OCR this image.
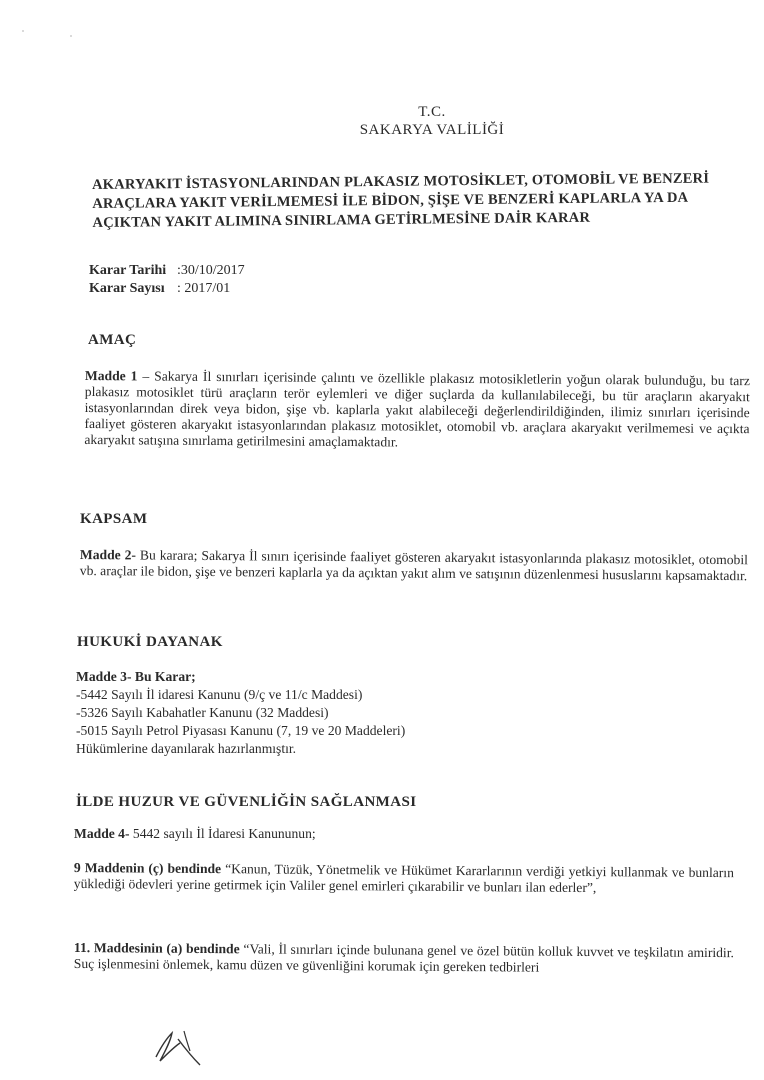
T.C.
SAKARYA VALİLİĞİ
AKARYAKIT İSTASYONLARINDAN PLAKASIZ MOTOSİKLET, OTOMOBİL VE BENZERİ
ARAÇLARA YAKIT VERİLMEMESİ İLE BİDON, ŞİŞE VE BENZERİ KAPLARLA YA DA
AÇIKTAN YAKIT ALIMINA SINIRLAMA GETİRLMESİNE DAİR KARAR
Karar Tarihi :30/10/2017
Karar Sayısı : 2017/01
AMAÇ
Madde 1 – Sakarya İl sınırları içerisinde çalıntı ve özellikle plakasız motosikletlerin yoğun olarak bulunduğu, bu tarz plakasız motosiklet türü araçların terör eylemleri ve diğer suçlarda da kullanılabileceği, bu tür araçların akaryakıt istasyonlarından direk veya bidon, şişe vb. kaplarla yakıt alabileceği değerlendirildiğinden, ilimiz sınırları içerisinde faaliyet gösteren akaryakıt istasyonlarından plakasız motosiklet, otomobil vb. araçlara akaryakıt verilmemesi ve açıkta akaryakıt satışına sınırlama getirilmesini amaçlamaktadır.
KAPSAM
Madde 2- Bu karara; Sakarya İl sınırı içerisinde faaliyet gösteren akaryakıt istasyonlarında plakasız motosiklet, otomobil vb. araçlar ile bidon, şişe ve benzeri kaplarla ya da açıktan yakıt alım ve satışının düzenlenmesi hususlarını kapsamaktadır.
HUKUKİ DAYANAK
Madde 3- Bu Karar;
-5442 Sayılı İl idaresi Kanunu (9/ç ve 11/c Maddesi)
-5326 Sayılı Kabahatler Kanunu (32 Maddesi)
-5015 Sayılı Petrol Piyasası Kanunu (7, 19 ve 20 Maddeleri)
Hükümlerine dayanılarak hazırlanmıştır.
İLDE HUZUR VE GÜVENLİĞİN SAĞLANMASI
Madde 4- 5442 sayılı İl İdaresi Kanununun;
9 Maddenin (ç) bendinde “Kanun, Tüzük, Yönetmelik ve Hükümet Kararlarının verdiği yetkiyi kullanmak ve bunların yüklediği ödevleri yerine getirmek için Valiler genel emirleri çıkarabilir ve bunları ilan ederler”,
11. Maddesinin (a) bendinde “Vali, İl sınırları içinde bulunana genel ve özel bütün kolluk kuvvet ve teşkilatın amiridir. Suç işlenmesini önlemek, kamu düzen ve güvenliğini korumak için gereken tedbirleri
